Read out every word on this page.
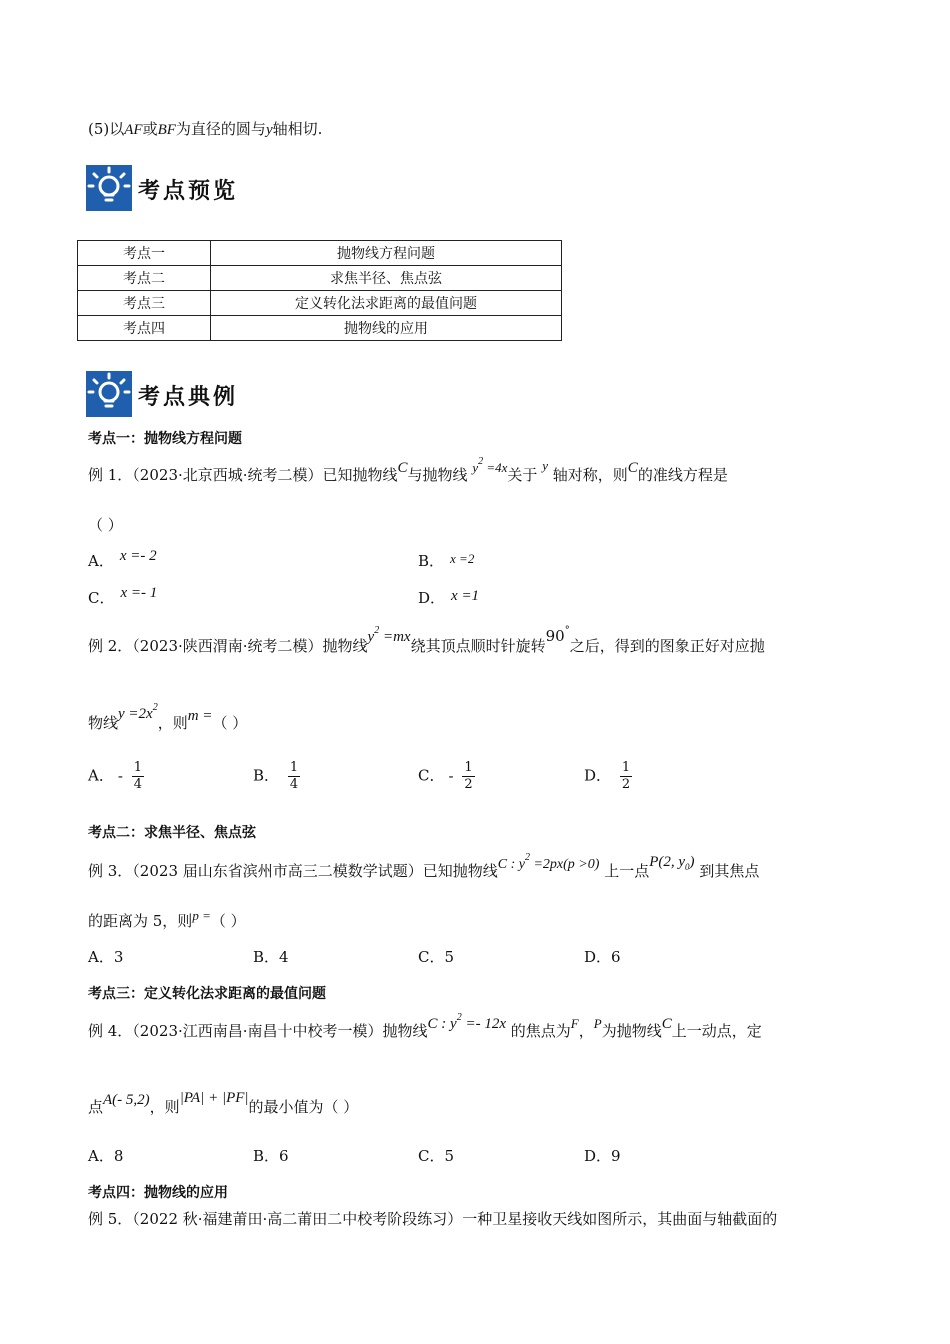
(5)以AF或BF为直径的圆与y轴相切.
考点预览
考点一	抛物线方程问题
考点二	求焦半径、焦点弦
考点三	定义转化法求距离的最值问题
考点四	抛物线的应用
考点典例
考点一：抛物线方程问题
例 1．（2023·北京西城·统考二模）已知抛物线C与抛物线 $y^2 =4x$关于 y 轴对称，则C的准线方程是
（ ）
A． x =- 2	B． x =2
C． x =- 1	D． x =1
例 2．（2023·陕西渭南·统考二模）抛物线$y^2 =mx$绕其顶点顺时针旋转90°之后，得到的图象正好对应抛
物线$y =2x^2$，则m =（ ）
A． - $\frac{1}{4}$	B． $\frac{1}{4}$	C． - $\frac{1}{2}$	D． $\frac{1}{2}$
考点二：求焦半径、焦点弦
例 3．（2023 届山东省滨州市高三二模数学试题）已知抛物线C : $y^2 =2px(p >0)$ 上一点P(2, $y_0$) 到其焦点
的距离为 5，则p =（ ）
A．3	B．4	C．5	D．6
考点三：定义转化法求距离的最值问题
例 4．（2023·江西南昌·南昌十中校考一模）抛物线C : $y^2 =- 12x$ 的焦点为F，P为抛物线C上一动点，定
点A(- 5,2)，则|PA| + |PF|的最小值为（ ）
A．8	B．6	C．5	D．9
考点四：抛物线的应用
例 5．（2022 秋·福建莆田·高二莆田二中校考阶段练习）一种卫星接收天线如图所示，其曲面与轴截面的
